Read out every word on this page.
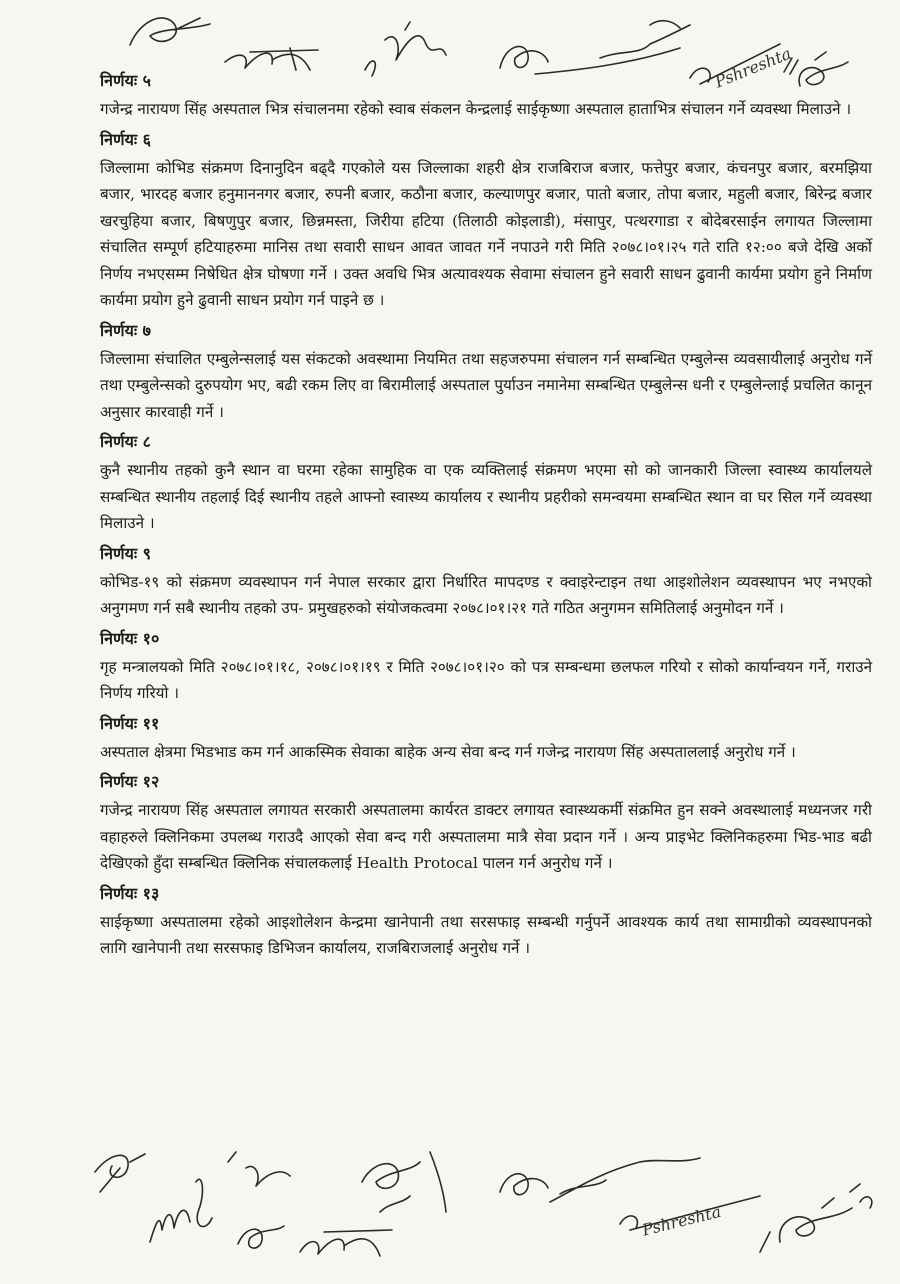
Pshreshta
निर्णयः ५

गजेन्द्र नारायण सिंह अस्पताल भित्र संचालनमा रहेको स्वाब संकलन केन्द्रलाई साईकृष्णा अस्पताल हाताभित्र संचालन गर्ने व्यवस्था मिलाउने ।

निर्णयः ६

जिल्लामा कोभिड संक्रमण दिनानुदिन बढ्दै गएकोले यस जिल्लाका शहरी क्षेत्र राजबिराज बजार, फत्तेपुर बजार, कंचनपुर बजार, बरमझिया बजार, भारदह बजार हनुमाननगर बजार, रुपनी बजार, कठौना बजार, कल्याणपुर बजार, पातो बजार, तोपा बजार, महुली बजार, बिरेन्द्र बजार खरचुहिया बजार, बिषणुपुर बजार, छिन्नमस्ता, जिरीया हटिया (तिलाठी कोइलाडी), मंसापुर, पत्थरगाडा र बोदेबरसाईन लगायत जिल्लामा संचालित सम्पूर्ण हटियाहरुमा मानिस तथा सवारी साधन आवत जावत गर्ने नपाउने गरी मिति २०७८।०१।२५ गते राति १२:०० बजे देखि अर्को निर्णय नभएसम्म निषेधित क्षेत्र घोषणा गर्ने । उक्त अवधि भित्र अत्यावश्यक सेवामा संचालन हुने सवारी साधन ढुवानी कार्यमा प्रयोग हुने निर्माण कार्यमा प्रयोग हुने ढुवानी साधन प्रयोग गर्न पाइने छ ।

निर्णयः ७

जिल्लामा संचालित एम्बुलेन्सलाई यस संकटको अवस्थामा नियमित तथा सहजरुपमा संचालन गर्न सम्बन्धित एम्बुलेन्स व्यवसायीलाई अनुरोध गर्ने तथा एम्बुलेन्सको दुरुपयोग भए, बढी रकम लिए वा बिरामीलाई अस्पताल पुर्याउन नमानेमा सम्बन्धित एम्बुलेन्स धनी र एम्बुलेन्लाई प्रचलित कानून अनुसार कारवाही गर्ने ।

निर्णयः ८

कुनै स्थानीय तहको कुनै स्थान वा घरमा रहेका सामुहिक वा एक व्यक्तिलाई संक्रमण भएमा सो को जानकारी जिल्ला स्वास्थ्य कार्यालयले सम्बन्धित स्थानीय तहलाई दिई स्थानीय तहले आफ्नो स्वास्थ्य कार्यालय र स्थानीय प्रहरीको समन्वयमा सम्बन्धित स्थान वा घर सिल गर्ने व्यवस्था मिलाउने ।

निर्णयः ९

कोभिड-१९ को संक्रमण व्यवस्थापन गर्न नेपाल सरकार द्वारा निर्धारित मापदण्ड र क्वाइरेन्टाइन तथा आइशोलेशन व्यवस्थापन भए नभएको अनुगमण गर्न सबै स्थानीय तहको उप- प्रमुखहरुको संयोजकत्वमा २०७८।०१।२१ गते गठित अनुगमन समितिलाई अनुमोदन गर्ने ।

निर्णयः १०

गृह मन्त्रालयको मिति २०७८।०१।१८, २०७८।०१।१९ र मिति २०७८।०१।२० को पत्र सम्बन्धमा छलफल गरियो र सोको कार्यान्वयन गर्ने, गराउने निर्णय गरियो ।

निर्णयः ११

अस्पताल क्षेत्रमा भिडभाड कम गर्न आकस्मिक सेवाका बाहेक अन्य सेवा बन्द गर्न गजेन्द्र नारायण सिंह अस्पताललाई अनुरोध गर्ने ।

निर्णयः १२

गजेन्द्र नारायण सिंह अस्पताल लगायत सरकारी अस्पतालमा कार्यरत डाक्टर लगायत स्वास्थ्यकर्मी संक्रमित हुन सक्ने अवस्थालाई मध्यनजर गरी वहाहरुले क्लिनिकमा उपलब्ध गराउदै आएको सेवा बन्द गरी अस्पतालमा मात्रै सेवा प्रदान गर्ने । अन्य प्राइभेट क्लिनिकहरुमा भिड-भाड बढी देखिएको हुँदा सम्बन्धित क्लिनिक संचालकलाई Health Protocal पालन गर्न अनुरोध गर्ने ।

निर्णयः १३

साईकृष्णा अस्पतालमा रहेको आइशोलेशन केन्द्रमा खानेपानी तथा सरसफाइ सम्बन्धी गर्नुपर्ने आवश्यक कार्य तथा सामाग्रीको व्यवस्थापनको लागि खानेपानी तथा सरसफाइ डिभिजन कार्यालय, राजबिराजलाई अनुरोध गर्ने ।

Pshreshta
